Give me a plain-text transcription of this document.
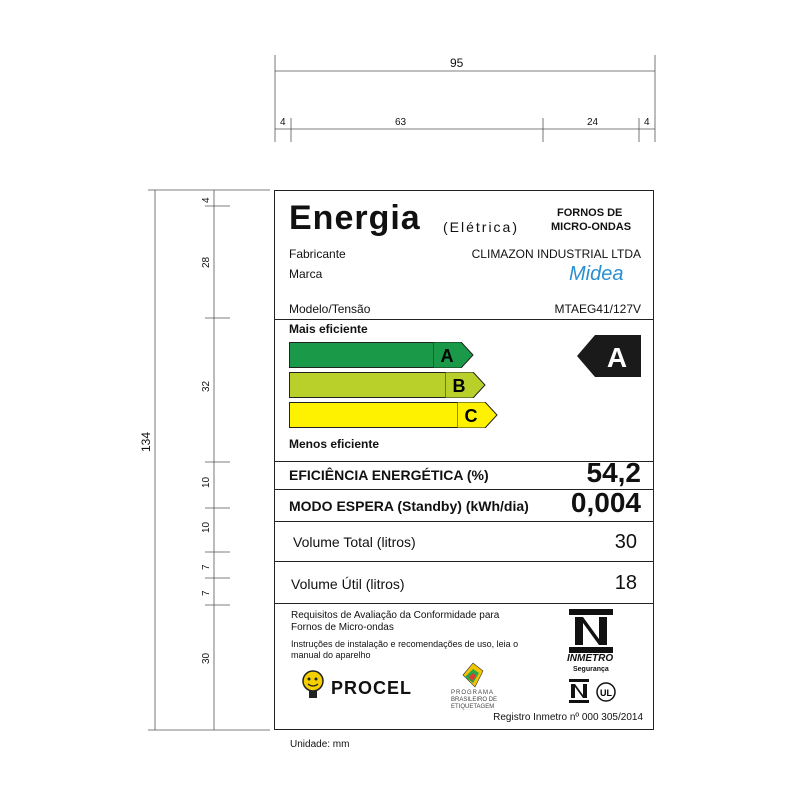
95
4	63	24	4
134
4
28
32
10
10
7
7
30
Energia (Elétrica)
FORNOS DE
MICRO-ONDAS
Fabricante	CLIMAZON INDUSTRIAL LTDA
Marca	Midea
Modelo/Tensão	MTAEG41/127V
Mais eficiente
A
B
C
A
Menos eficiente
EFICIÊNCIA ENERGÉTICA (%)	54,2
MODO ESPERA (Standby) (kWh/dia) 0,004
Volume Total (litros)	30
Volume Útil (litros)	18
Requisitos de Avaliação da Conformidade para
Fornos de Micro-ondas
Instruções de instalação e recomendações de uso, leia o
manual do aparelho
PROCEL	PROGRAMA
BRASILEIRO DE
ETIQUETAGEM
INMETRO
Segurança
UL
Registro Inmetro nº 000 305/2014
Unidade: mm
